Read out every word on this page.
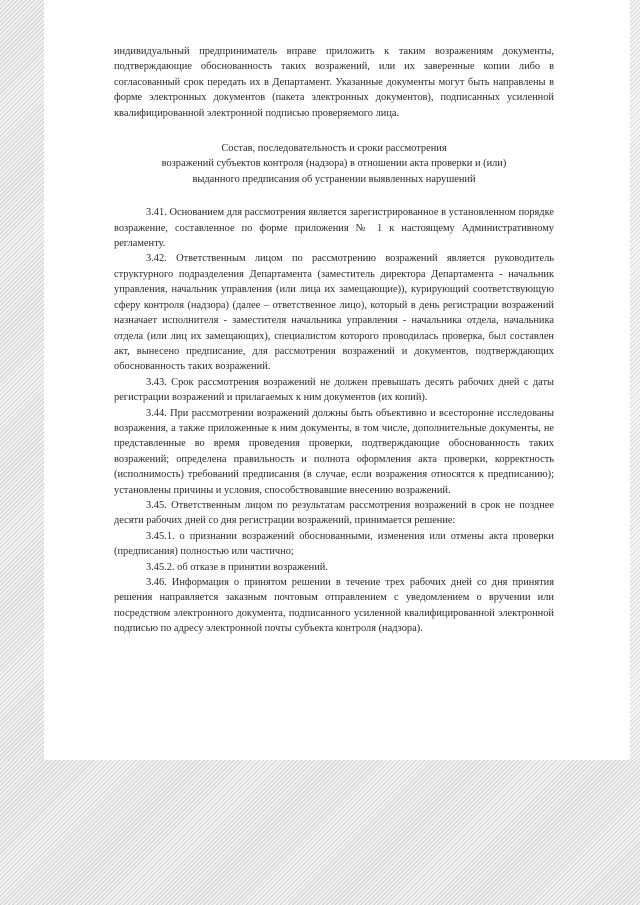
индивидуальный предприниматель вправе приложить к таким возражениям документы, подтверждающие обоснованность таких возражений, или их заверенные копии либо в согласованный срок передать их в Департамент. Указанные документы могут быть направлены в форме электронных документов (пакета электронных документов), подписанных усиленной квалифицированной электронной подписью проверяемого лица.

Состав, последовательность и сроки рассмотрения
возражений субъектов контроля (надзора) в отношении акта проверки и (или)
выданного предписания об устранении выявленных нарушений

3.41. Основанием для рассмотрения является зарегистрированное в установленном порядке возражение, составленное по форме приложения № 1 к настоящему Административному регламенту.

3.42. Ответственным лицом по рассмотрению возражений является руководитель структурного подразделения Департамента (заместитель директора Департамента - начальник управления, начальник управления (или лица их замещающие)), курирующий соответствующую сферу контроля (надзора) (далее – ответственное лицо), который в день регистрации возражений назначает исполнителя - заместителя начальника управления - начальника отдела, начальника отдела (или лиц их замещающих), специалистом которого проводилась проверка, был составлен акт, вынесено предписание, для рассмотрения возражений и документов, подтверждающих обоснованность таких возражений.

3.43. Срок рассмотрения возражений не должен превышать десять рабочих дней с даты регистрации возражений и прилагаемых к ним документов (их копий).

3.44. При рассмотрении возражений должны быть объективно и всесторонне исследованы возражения, а также приложенные к ним документы, в том числе, дополнительные документы, не представленные во время проведения проверки, подтверждающие обоснованность таких возражений; определена правильность и полнота оформления акта проверки, корректность (исполнимость) требований предписания (в случае, если возражения относятся к предписанию); установлены причины и условия, способствовавшие внесению возражений.

3.45. Ответственным лицом по результатам рассмотрения возражений в срок не позднее десяти рабочих дней со дня регистрации возражений, принимается решение:

3.45.1. о признании возражений обоснованными, изменения или отмены акта проверки (предписания) полностью или частично;

3.45.2. об отказе в принятии возражений.

3.46. Информация о принятом решении в течение трех рабочих дней со дня принятия решения направляется заказным почтовым отправлением с уведомлением о вручении или посредством электронного документа, подписанного усиленной квалифицированной электронной подписью по адресу электронной почты субъекта контроля (надзора).
